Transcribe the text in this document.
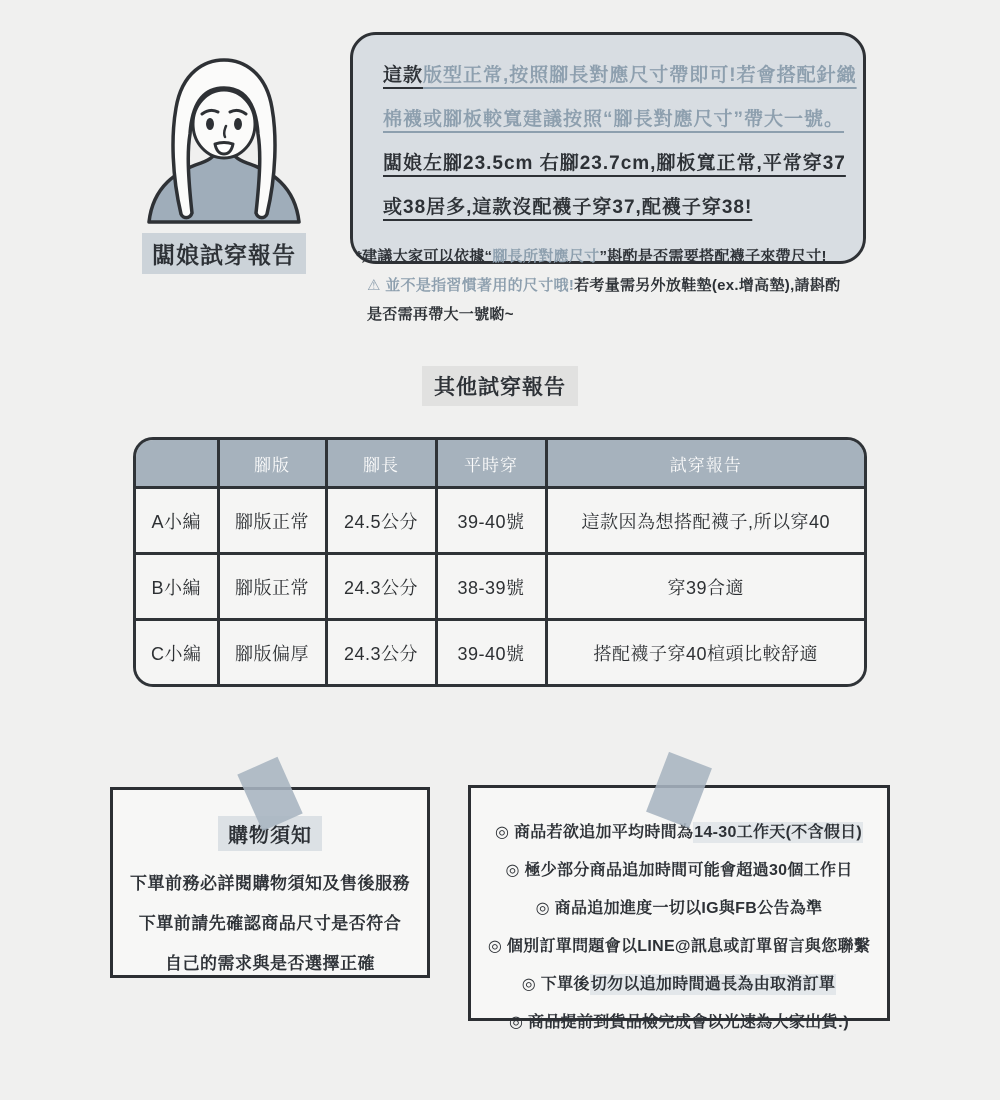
闆娘試穿報告

這款版型正常,按照腳長對應尺寸帶即可!若會搭配針織

棉襪或腳板較寬建議按照“腳長對應尺寸”帶大一號。

闆娘左腳23.5cm 右腳23.7cm,腳板寬正常,平常穿37

或38居多,這款沒配襪子穿37,配襪子穿38!

*建議大家可以依據“腳長所對應尺寸”斟酌是否需要搭配襪子來帶尺寸!
⚠ 並不是指習慣著用的尺寸哦!若考量需另外放鞋墊(ex.增高墊),請斟酌
是否需再帶大一號喲~
其他試穿報告
	腳版	腳長	平時穿	試穿報告
A小編	腳版正常	24.5公分	39-40號	這款因為想搭配襪子,所以穿40
B小編	腳版正常	24.3公分	38-39號	穿39合適
C小編	腳版偏厚	24.3公分	39-40號	搭配襪子穿40楦頭比較舒適
購物須知
下單前務必詳閱購物須知及售後服務
下單前請先確認商品尺寸是否符合
自己的需求與是否選擇正確
◎ 商品若欲追加平均時間為14-30工作天(不含假日)
◎ 極少部分商品追加時間可能會超過30個工作日
◎ 商品追加進度一切以IG與FB公告為準
◎ 個別訂單問題會以LINE@訊息或訂單留言與您聯繫
◎ 下單後切勿以追加時間過長為由取消訂單
◎ 商品提前到貨品檢完成會以光速為大家出貨:)
